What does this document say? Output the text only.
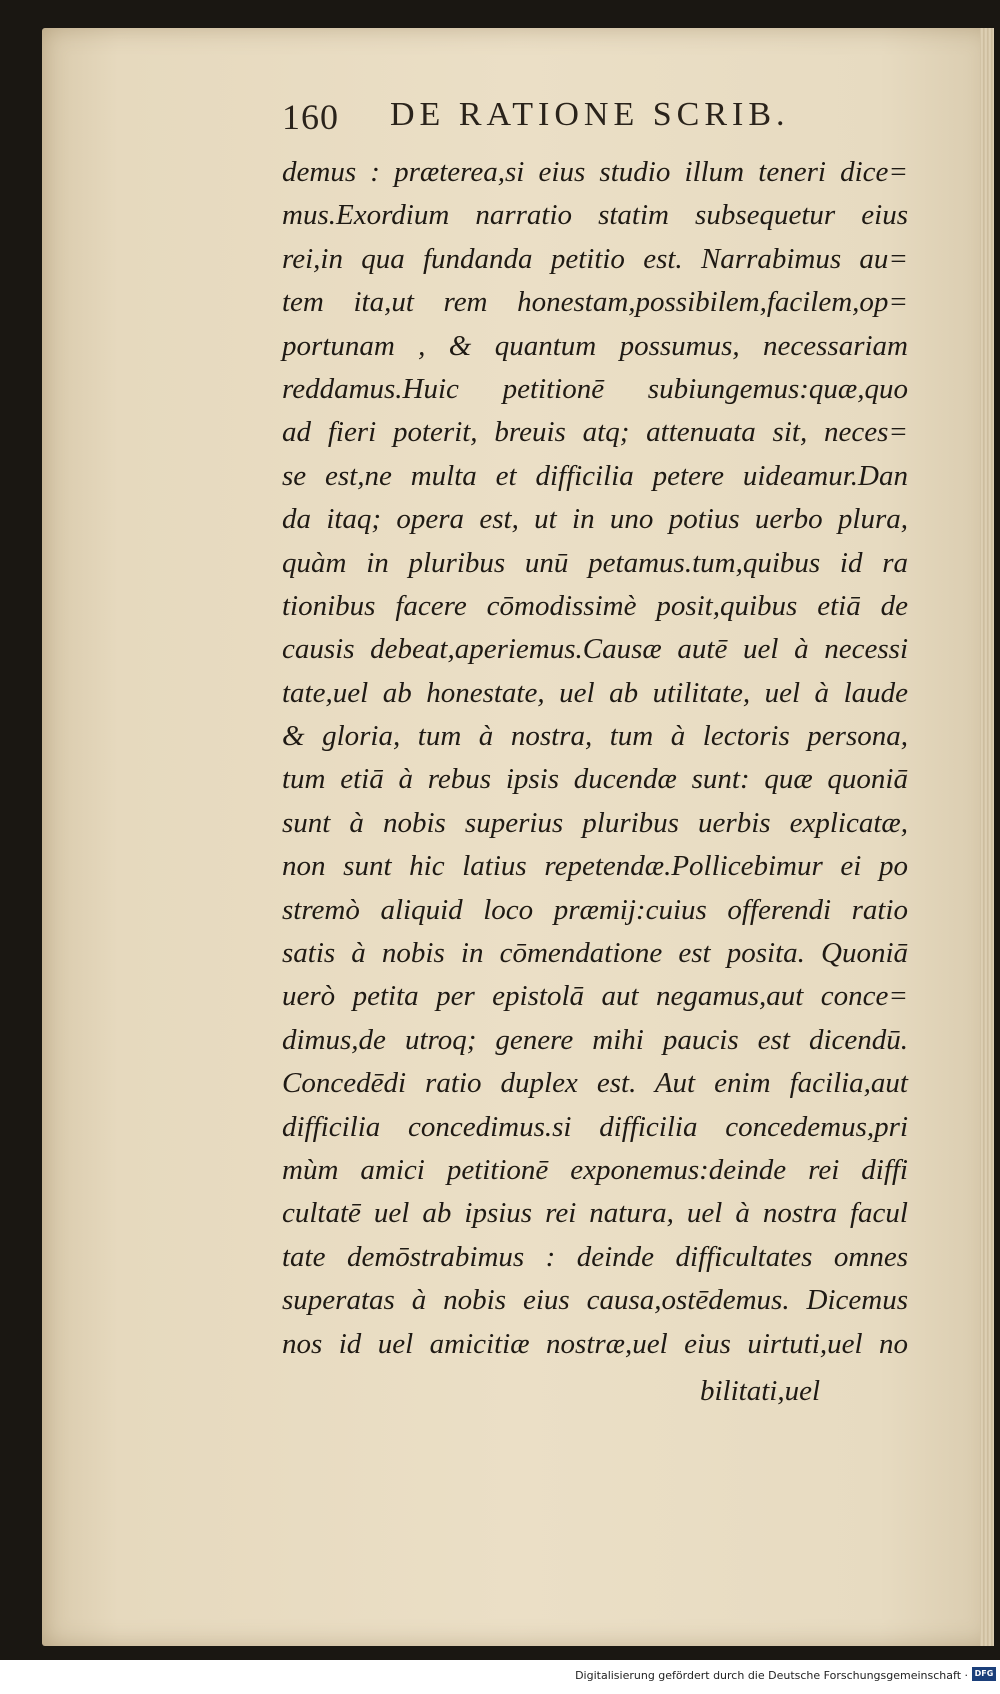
160 DE RATIONE SCRIB.
demus : præterea,si eius studio illum teneri dice=
mus.Exordium narratio statim subsequetur eius
rei,in qua fundanda petitio est. Narrabimus au=
tem ita,ut rem honestam,possibilem,facilem,op=
portunam , & quantum possumus, necessariam
reddamus.Huic petitionē subiungemus:quæ,quo
ad fieri poterit, breuis atq; attenuata sit, neces=
se est,ne multa et difficilia petere uideamur.Dan
da itaq; opera est, ut in uno potius uerbo plura,
quàm in pluribus unū petamus.tum,quibus id ra
tionibus facere cōmodissimè posit,quibus etiā de
causis debeat,aperiemus.Causæ autē uel à necessi
tate,uel ab honestate, uel ab utilitate, uel à laude
& gloria, tum à nostra, tum à lectoris persona,
tum etiā à rebus ipsis ducendæ sunt: quæ quoniā
sunt à nobis superius pluribus uerbis explicatæ,
non sunt hic latius repetendæ.Pollicebimur ei po
stremò aliquid loco præmij:cuius offerendi ratio
satis à nobis in cōmendatione est posita. Quoniā
uerò petita per epistolā aut negamus,aut conce=
dimus,de utroq; genere mihi paucis est dicendū.
Concedēdi ratio duplex est. Aut enim facilia,aut
difficilia concedimus.si difficilia concedemus,pri
mùm amici petitionē exponemus:deinde rei diffi
cultatē uel ab ipsius rei natura, uel à nostra facul
tate demōstrabimus : deinde difficultates omnes
superatas à nobis eius causa,ostēdemus. Dicemus
nos id uel amicitiæ nostræ,uel eius uirtuti,uel no
bilitati,uel
Digitalisierung gefördert durch die Deutsche Forschungsgemeinschaft · DFG
